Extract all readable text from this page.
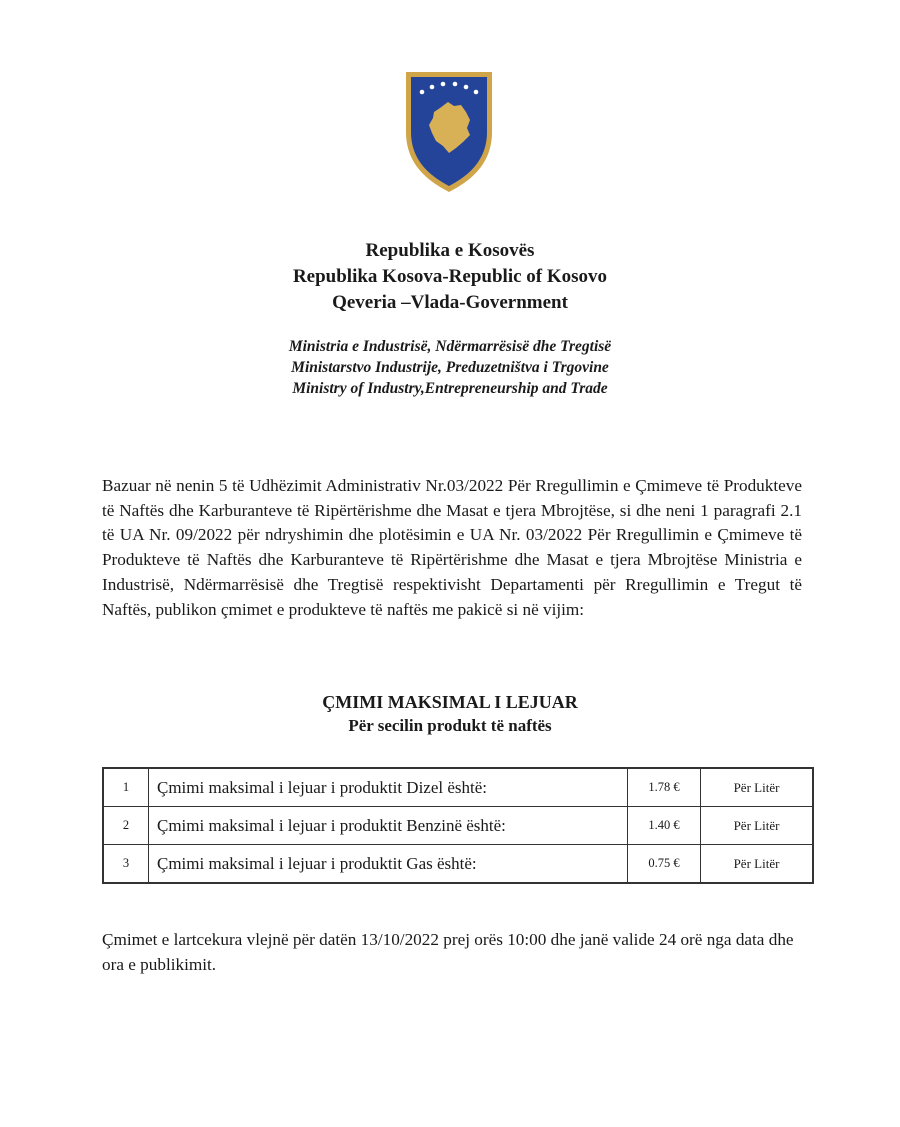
Republika e Kosovës
Republika Kosova-Republic of Kosovo
Qeveria –Vlada-Government
Ministria e Industrisë, Ndërmarrësisë dhe Tregtisë
Ministarstvo Industrije, Preduzetništva i Trgovine
Ministry of Industry,Entrepreneurship and Trade
Bazuar në nenin 5 të Udhëzimit Administrativ Nr.03/2022 Për Rregullimin e Çmimeve të Produkteve të Naftës dhe Karburanteve të Ripërtërishme dhe Masat e tjera Mbrojtëse, si dhe neni 1 paragrafi 2.1 të UA Nr. 09/2022 për ndryshimin dhe plotësimin e UA Nr. 03/2022 Për Rregullimin e Çmimeve të Produkteve të Naftës dhe Karburanteve të Ripërtërishme dhe Masat e tjera Mbrojtëse Ministria e Industrisë, Ndërmarrësisë dhe Tregtisë respektivisht Departamenti për Rregullimin e Tregut të Naftës, publikon çmimet e produkteve të naftës me pakicë si në vijim:
ÇMIMI MAKSIMAL I LEJUAR
Për secilin produkt të naftës
1	Çmimi maksimal i lejuar i produktit Dizel është:	1.78 €	Për Litër
2	Çmimi maksimal i lejuar i produktit Benzinë është:	1.40 €	Për Litër
3	Çmimi maksimal i lejuar i produktit Gas është:	0.75 €	Për Litër
Çmimet e lartcekura vlejnë për datën 13/10/2022 prej orës 10:00 dhe janë valide 24 orë nga data dhe ora e publikimit.
